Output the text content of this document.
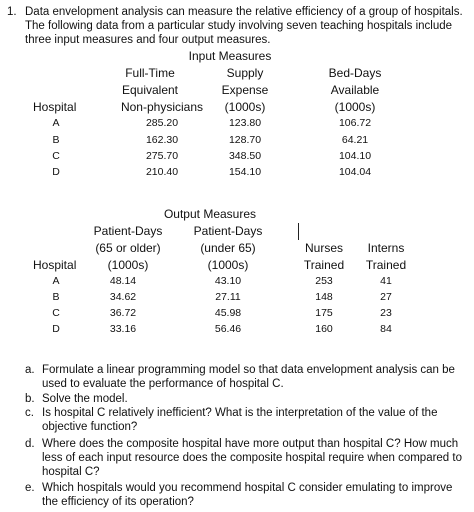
1. Data envelopment analysis can measure the relative efficiency of a group of hospitals.
The following data from a particular study involving seven teaching hospitals include
three input measures and four output measures.
Input Measures
Full-Time
Equivalent
Non-physicians
Supply
Expense
(1000s)
Bed-Days
Available
(1000s)
Hospital
A	285.20	123.80	106.72
B	162.30	128.70	64.21
C	275.70	348.50	104.10
D	210.40	154.10	104.04
Output Measures
Patient-Days
(65 or older)
(1000s)
Patient-Days
(under 65)
(1000s)
Nurses
Trained
Interns
Trained
Hospital
A	48.14	43.10	253	41
B	34.62	27.11	148	27
C	36.72	45.98	175	23
D	33.16	56.46	160	84
a. Formulate a linear programming model so that data envelopment analysis can be
used to evaluate the performance of hospital C.
b. Solve the model.
c. Is hospital C relatively inefficient? What is the interpretation of the value of the
objective function?
d. Where does the composite hospital have more output than hospital C? How much
less of each input resource does the composite hospital require when compared to
hospital C?
e. Which hospitals would you recommend hospital C consider emulating to improve
the efficiency of its operation?
